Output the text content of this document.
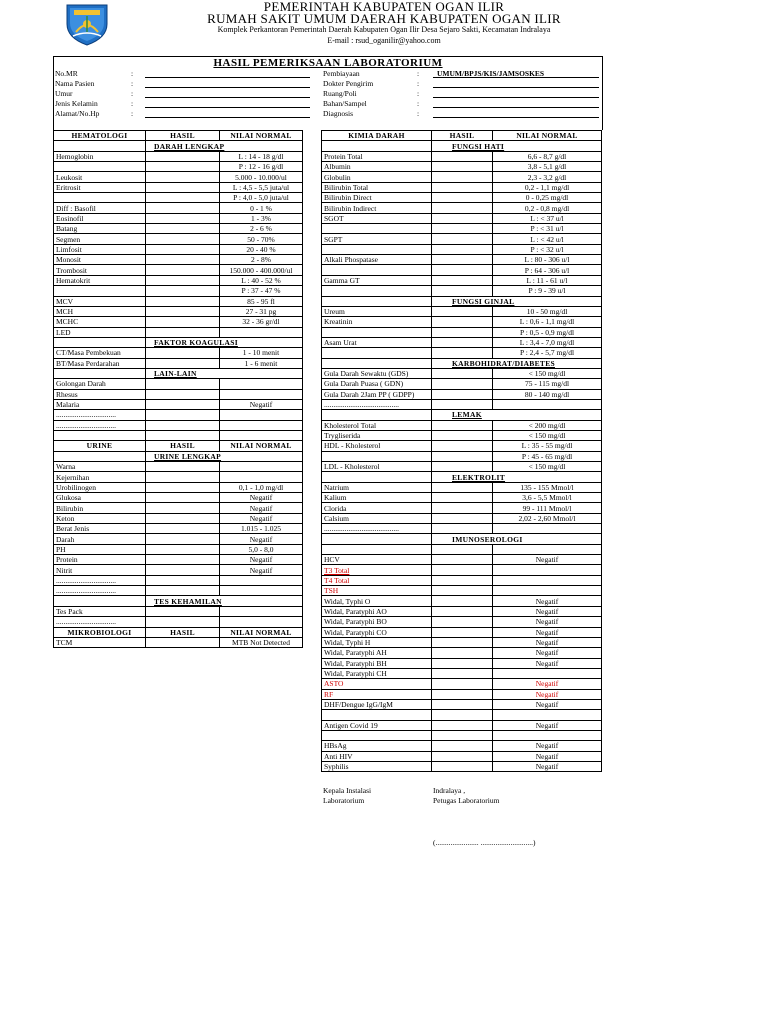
PEMERINTAH KABUPATEN OGAN ILIR
RUMAH SAKIT UMUM DAERAH KABUPATEN OGAN ILIR
Komplek Perkantoran Pemerintah Daerah Kabupaten Ogan Ilir Desa Sejaro Sakti, Kecamatan Indralaya
E-mail : rsud_oganilir@yahoo.com
HASIL PEMERIKSAAN LABORATORIUM
No.MR	:
Nama Pasien	:
Umur	:
Jenis Kelamin	:
Alamat/No.Hp	:
Pembiayaan	: UMUM/BPJS/KIS/JAMSOSKES
Dokter Pengirim	:
Ruang/Poli	:
Bahan/Sampel	:
Diagnosis	:
HEMATOLOGI	HASIL	NILAI NORMAL
	DARAH LENGKAP	
Hemoglobin		L : 14 - 18 g/dl
		P : 12 - 16 g/dl
Leukosit		5.000 - 10.000/ul
Eritrosit		L : 4,5 - 5,5 juta/ul
		P : 4,0 - 5,0 juta/ul
Diff : Basofil		0 - 1 %
Eosinofil		1 - 3%
Batang		2 - 6 %
Segmen		50 - 70%
Limfosit		20 - 40 %
Monosit		2 - 8%
Trombosit		150.000 - 400.000/ul
Hematokrit		L : 40 - 52 %
		P : 37 - 47 %
MCV		85 - 95 fl
MCH		27 - 31 pg
MCHC		32 - 36 gr/dl
LED		
	FAKTOR KOAGULASI	
CT/Masa Pembekuan		1 - 10 menit
BT/Masa Perdarahan		1 - 6 menit
	LAIN-LAIN	
Golongan Darah		
Rhesus		
Malaria		Negatif
................................		
................................		

URINE	HASIL	NILAI NORMAL
	URINE LENGKAP	
Warna		
Kejernihan		
Urobilinogen		0,1 - 1,0 mg/dl
Glukosa		Negatif
Bilirubin		Negatif
Keton		Negatif
Berat Jenis		1.015 - 1.025
Darah		Negatif
PH		5,0 - 8,0
Protein		Negatif
Nitrit		Negatif
................................		
................................		
	TES KEHAMILAN	
Tes Pack		
................................		
MIKROBIOLOGI	HASIL	NILAI NORMAL
TCM		MTB Not Detected
KIMIA DARAH	HASIL	NILAI NORMAL
	FUNGSI HATI	
Protein Total		6,6 - 8,7 g/dl
Albumin		3,8 - 5,1 g/dl
Globulin		2,3 - 3,2 g/dl
Bilirubin Total		0,2 - 1,1 mg/dl
Bilirubin Direct		0 - 0,25 mg/dl
Bilirubin Indirect		0,2 - 0,8 mg/dl
SGOT		L : < 37 u/l
		P : < 31 u/l
SGPT		L : < 42 u/l
		P : < 32 u/l
Alkali Phospatase		L : 80 - 306 u/l
		P : 64 - 306 u/l
Gamma GT		L : 11 - 61 u/l
		P : 9 - 39 u/l
	FUNGSI GINJAL	
Ureum		10 - 50 mg/dl
Kreatinin		L : 0,6 - 1,1 mg/dl
		P : 0,5 - 0,9 mg/dl
Asam Urat		L : 3,4 - 7,0 mg/dl
		P : 2,4 - 5,7 mg/dl
	KARBOHIDRAT/DIABETES	
Gula Darah Sewaktu (GDS)		< 150 mg/dl
Gula Darah Puasa ( GDN)		75 - 115 mg/dl
Gula Darah 2Jam PP ( GDPP)		80 - 140 mg/dl
........................................		
	LEMAK	
Kholesterol Total		< 200 mg/dl
Trygliserida		< 150 mg/dl
HDL - Kholesterol		L : 35 - 55 mg/dl
		P : 45 - 65 mg/dl
LDL - Kholesterol		< 150 mg/dl
	ELEKTROLIT	
Natrium		135 - 155 Mmol/l
Kalium		3,6 - 5,5 Mmol/l
Clorida		99 - 111 Mmol/l
Calsium		2,02 - 2,60 Mmol/l
........................................		
	IMUNOSEROLOGI	

HCV		Negatif
T3 Total		
T4 Total		
TSH		
Widal, Typhi O		Negatif
Widal, Paratyphi AO		Negatif
Widal, Paratyphi BO		Negatif
Widal, Paratyphi CO		Negatif
Widal, Typhi H		Negatif
Widal, Paratyphi AH		Negatif
Widal, Paratyphi BH		Negatif
Widal, Paratyphi CH		
ASTO		Negatif
RF		Negatif
DHF/Dengue IgG/IgM		Negatif

Antigen Covid 19		Negatif

HBsAg		Negatif
Anti HIV		Negatif
Syphilis		Negatif
Kepala Instalasi
Laboratorium
Indralaya ,
Petugas Laboratorium
(....................... ............................)
